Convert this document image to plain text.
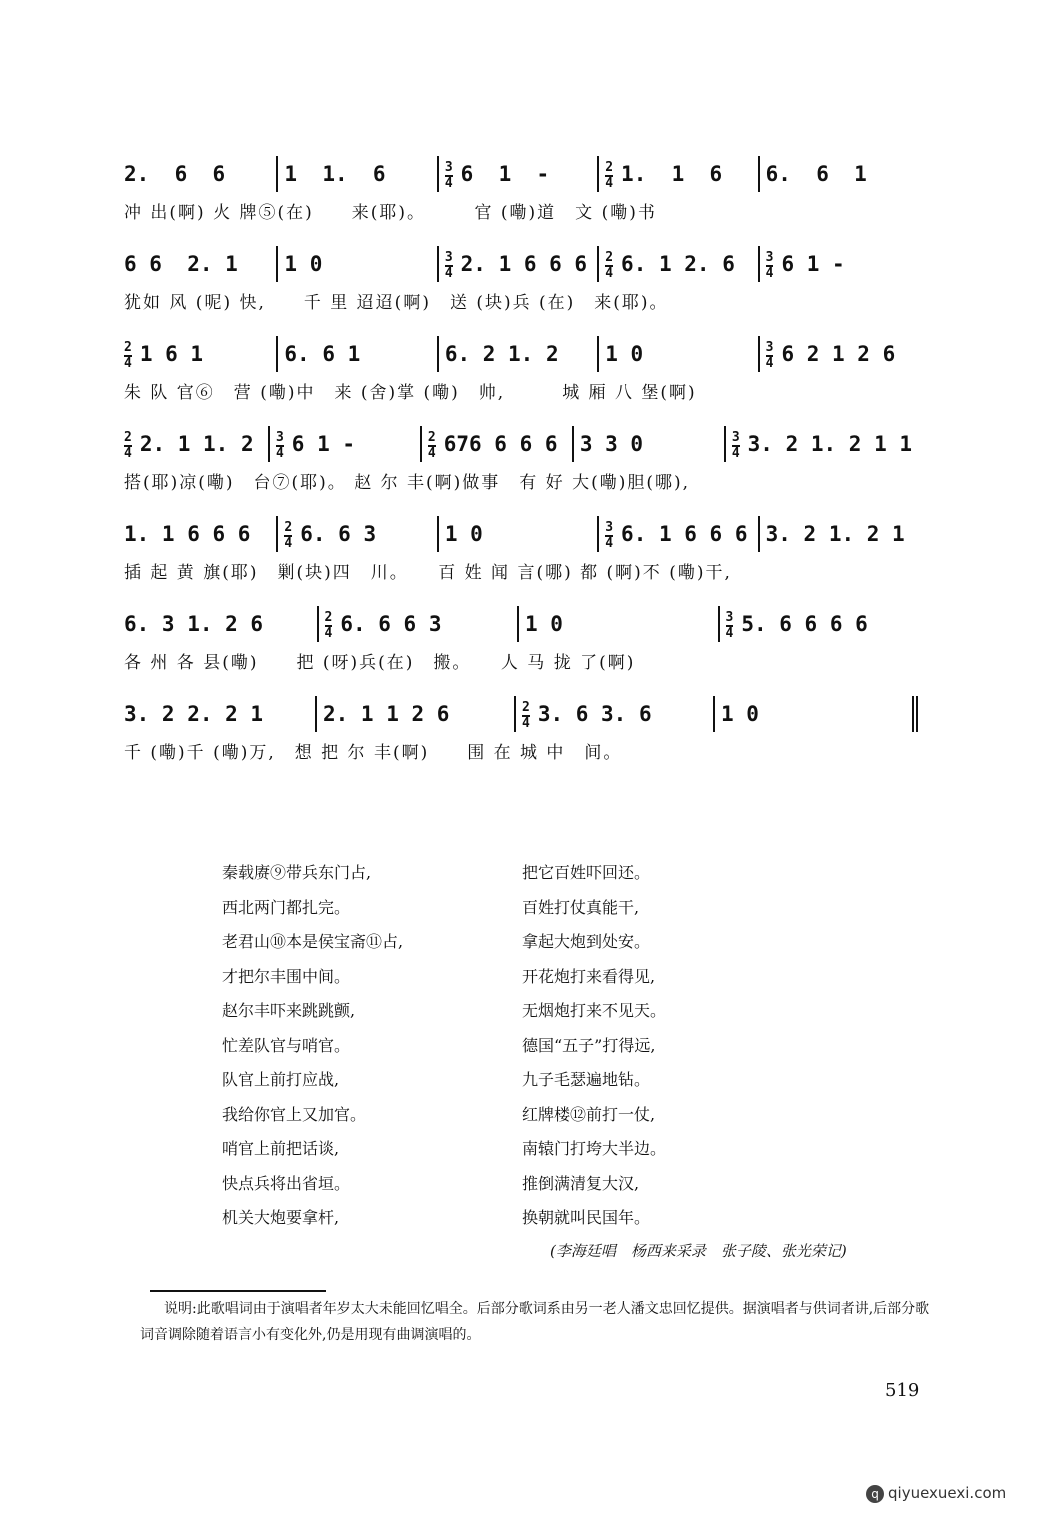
2.  6  6	1  1.  6	$\frac{3}{4} 6$  1  -	$\frac{2}{4} 1$.  1  6	6.  6  1
冲 出(啊) 火 牌⑤(在)　　来(耶)。　　　官 (嘞)道　文 (嘞)书
6 6  2. 1	1 0	$\frac{3}{4} 2$. 1 6 6 6	$\frac{2}{4} 6$. 1 2. 6	$\frac{3}{4} 6$ 1 -
犹如 风 (呢) 快,　　千 里 迢迢(啊)　送 (块)兵 (在)　来(耶)。
$\frac{2}{4} 1$ 6 1	6. 6 1	6. 2 1. 2	1 0	$\frac{3}{4} 6$ 2 1 2 6
朱 队 官⑥　营 (嘞)中　来 (舍)掌 (嘞)　帅,　　　城 厢 八 堡(啊)
$\frac{2}{4} 2$. 1 1. 2	$\frac{3}{4} 6$ 1 -	$\frac{2}{4} 676$ 6 6 6	3 3 0	$\frac{3}{4} 3$. 2 1. 2 1 1
搭(耶)凉(嘞)　台⑦(耶)。 赵 尔 丰(啊)做事　有 好 大(嘞)胆(哪),
1. 1 6 6 6	$\frac{2}{4} 6$. 6 3	1 0	$\frac{3}{4} 6$. 1 6 6 6 3. 2 1. 2 1
插 起 黄 旗(耶)　剿(块)四　川。　　百 姓 闻 言(哪) 都 (啊)不 (嘞)干,
6. 3 1. 2 6	$\frac{2}{4} 6$. 6 6 3	1 0	$\frac{3}{4} 5$. 6 6 6 6
各 州 各 县(嘞)　　把 (呀)兵(在)　搬。　　人 马 拢 了(啊)
3. 2 2. 2 1	2. 1 1 2 6	$\frac{2}{4} 3$. 6 3. 6	1 0
千 (嘞)千 (嘞)万,　想 把 尔 丰(啊)　　围 在 城 中　间。
秦载赓⑨带兵东门占,
西北两门都扎完。
老君山⑩本是侯宝斋⑪占,
才把尔丰围中间。
赵尔丰吓来跳跳颤,
忙差队官与哨官。
队官上前打应战,
我给你官上又加官。
哨官上前把话谈,
快点兵将出省垣。
机关大炮要拿杆,
把它百姓吓回还。
百姓打仗真能干,
拿起大炮到处安。
开花炮打来看得见,
无烟炮打来不见天。
德国“五子”打得远,
九子毛瑟遍地钻。
红牌楼⑫前打一仗,
南辕门打垮大半边。
推倒满清复大汉,
换朝就叫民国年。
(李海廷唱　杨西来采录　张子陵、张光荣记)
说明:此歌唱词由于演唱者年岁太大未能回忆唱全。后部分歌词系由另一老人潘文忠回忆提供。据演唱者与供词者讲,后部分歌词音调除随着语言小有变化外,仍是用现有曲调演唱的。
519
q qiyuexuexi.com
